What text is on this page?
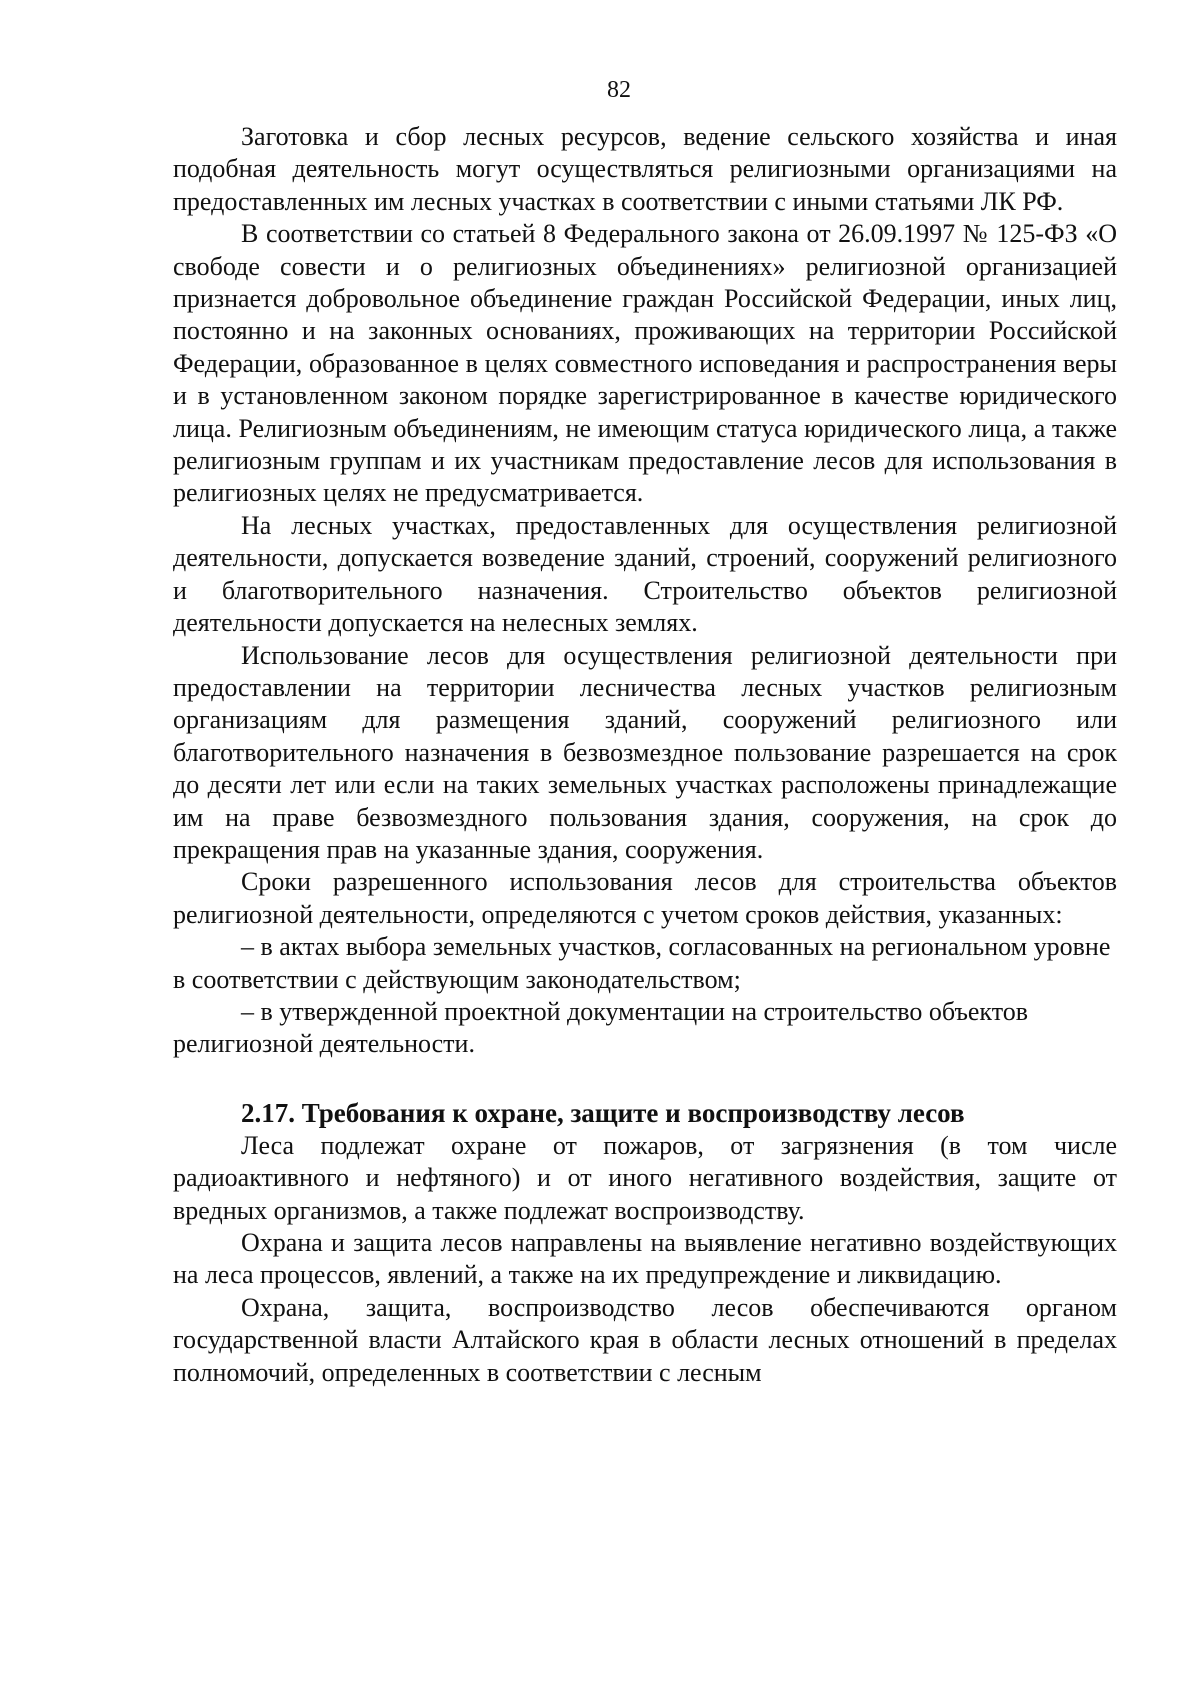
82

Заготовка и сбор лесных ресурсов, ведение сельского хозяйства и иная подобная деятельность могут осуществляться религиозными организациями на предоставленных им лесных участках в соответствии с иными статьями ЛК РФ.

В соответствии со статьей 8 Федерального закона от 26.09.1997 № 125-ФЗ «О свободе совести и о религиозных объединениях» религиозной организацией признается добровольное объединение граждан Российской Федерации, иных лиц, постоянно и на законных основаниях, проживающих на территории Российской Федерации, образованное в целях совместного исповедания и распространения веры и в установленном законом порядке зарегистрированное в качестве юридического лица. Религиозным объединениям, не имеющим статуса юридического лица, а также религиозным группам и их участникам предоставление лесов для использования в религиозных целях не предусматривается.

На лесных участках, предоставленных для осуществления религиозной деятельности, допускается возведение зданий, строений, сооружений религиозного и благотворительного назначения. Строительство объектов религиозной деятельности допускается на нелесных землях.

Использование лесов для осуществления религиозной деятельности при предоставлении на территории лесничества лесных участков религиозным организациям для размещения зданий, сооружений религиозного или благотворительного назначения в безвозмездное пользование разрешается на срок до десяти лет или если на таких земельных участках расположены принадлежащие им на праве безвозмездного пользования здания, сооружения, на срок до прекращения прав на указанные здания, сооружения.

Сроки разрешенного использования лесов для строительства объектов религиозной деятельности, определяются с учетом сроков действия, указанных:

– в актах выбора земельных участков, согласованных на региональном уровне в соответствии с действующим законодательством;

– в утвержденной проектной документации на строительство объектов религиозной деятельности.

2.17. Требования к охране, защите и воспроизводству лесов

Леса подлежат охране от пожаров, от загрязнения (в том числе радиоактивного и нефтяного) и от иного негативного воздействия, защите от вредных организмов, а также подлежат воспроизводству.

Охрана и защита лесов направлены на выявление негативно воздействующих на леса процессов, явлений, а также на их предупреждение и ликвидацию.

Охрана, защита, воспроизводство лесов обеспечиваются органом государственной власти Алтайского края в области лесных отношений в пределах полномочий, определенных в соответствии с лесным
